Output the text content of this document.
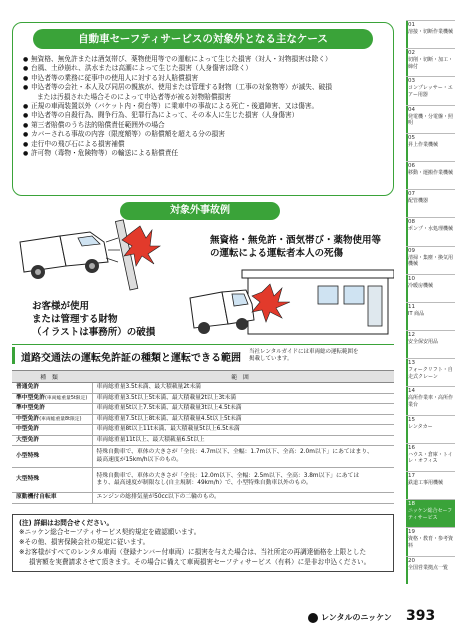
自動車セーフティサービスの対象外となる主なケース
● 無資格、無免許または酒気帯び、薬物使用等での運転によって生じた損害（対人・対物損害は除く）
● 台風、土砂崩れ、洪水または高潮によって生じた損害（人身傷害は除く）
● 申込者等の業務に従事中の使用人に対する対人賠償損害
● 申込者等の会社・本人及び同居の親族が、使用または管理する財物（工事の対象物等）が滅失、破損
または汚損された場合そのによって申込者等が被る対物賠償損害
● 正規の車両装置以外（バケット内・荷台等）に乗車中の事故による死亡・後遺障害、又は傷害。
● 申込者等の自殺行為、闘争行為、犯罪行為によって、その本人に生じた損害（人身傷害）
● 第三者賠償のうち法的賠償責任範囲外の場合
● カバーされる事故の内容（限度額等）の賠償額を超える分の損害
● 走行中の飛び石による損害補償
● 許可物（毒物・危険物等）の輸送による賠償責任
対象外事故例
無資格・無免許・酒気帯び・薬物使用等
の運転による運転者本人の死傷
お客様が使用
または管理する財物
（イラストは事務所）の破損
道路交通法の運転免許証の種類と運転できる範囲
当社レンタルガイドには車両総の運転範囲を
掲載しています。
種類	範囲
普通免許	車両総重量3.5t未満、最大積載量2t未満
準中型免許(車両総重量5t限定)	車両総重量3.5t以上5t未満、最大積載量2t以上3t未満
準中型免許	車両総重量5t以上7.5t未満、最大積載量3t以上4.5t未満
中型免許(車両総重量8t限定)	車両総重量7.5t以上8t未満、最大積載量4.5t以上5t未満
中型免許	車両総重量8t以上11t未満、最大積載量5t以上6.5t未満
大型免許	車両総重量11t以上、最大積載量6.5t以上
小型特殊	特殊自動車で、車体の大きさが「全長：4.7m以下、全幅：1.7m以下、全高：2.0m以下」にあてはまり、
最高速度が15km/h以下のもの。

大型特殊	特殊自動車で、車体の大きさが「全長：12.0m以下、全幅：2.5m以下、全高：3.8m以下」にあては
まり、最高速度が制限なし(自主規制：49km/h）で、小型特殊自動車以外のもの。

原動機付自転車	エンジンの総排気量が50cc以下の二輪のもの。

(注) 詳細はお問合せください。

※ニッケン総合セーフティサービス契約規定を確認願います。

※その他、損害保険会社の規定に従います。

※お客様がすべてのレンタル車両（登録ナンバー付車両）に損害を与えた場合は、当社所定の再調達価格を上限とした

損害額を実費請求させて頂きます。その場合に備えて車両損害セーフティサービス（有料）に是非お申込ください。

01
溶接・切断作業機械
02
切削・切断・加工・締付
03
コンプレッサー・エアー用器
04
発電機・分電盤・照明
05
昇上作業機械
06
移動・運搬作業機械
07
配管機器
08
ポンプ・水処理機械
09
清掃・集塵・換気用機械
10
冷暖房機械
11
IT 商品
12
安全保安用品
13
フォークリフト・自走式クレーン
14
高所作業車・高所作業台
15
レンタカー
16
ハウス・倉庫・トイレ・オフィス
17
鉄道工事用機械
18
ニッケン総合セーフティサービス
19
資格・教育・参考資料
20
全国営業拠点一覧
レンタルのニッケン 393
